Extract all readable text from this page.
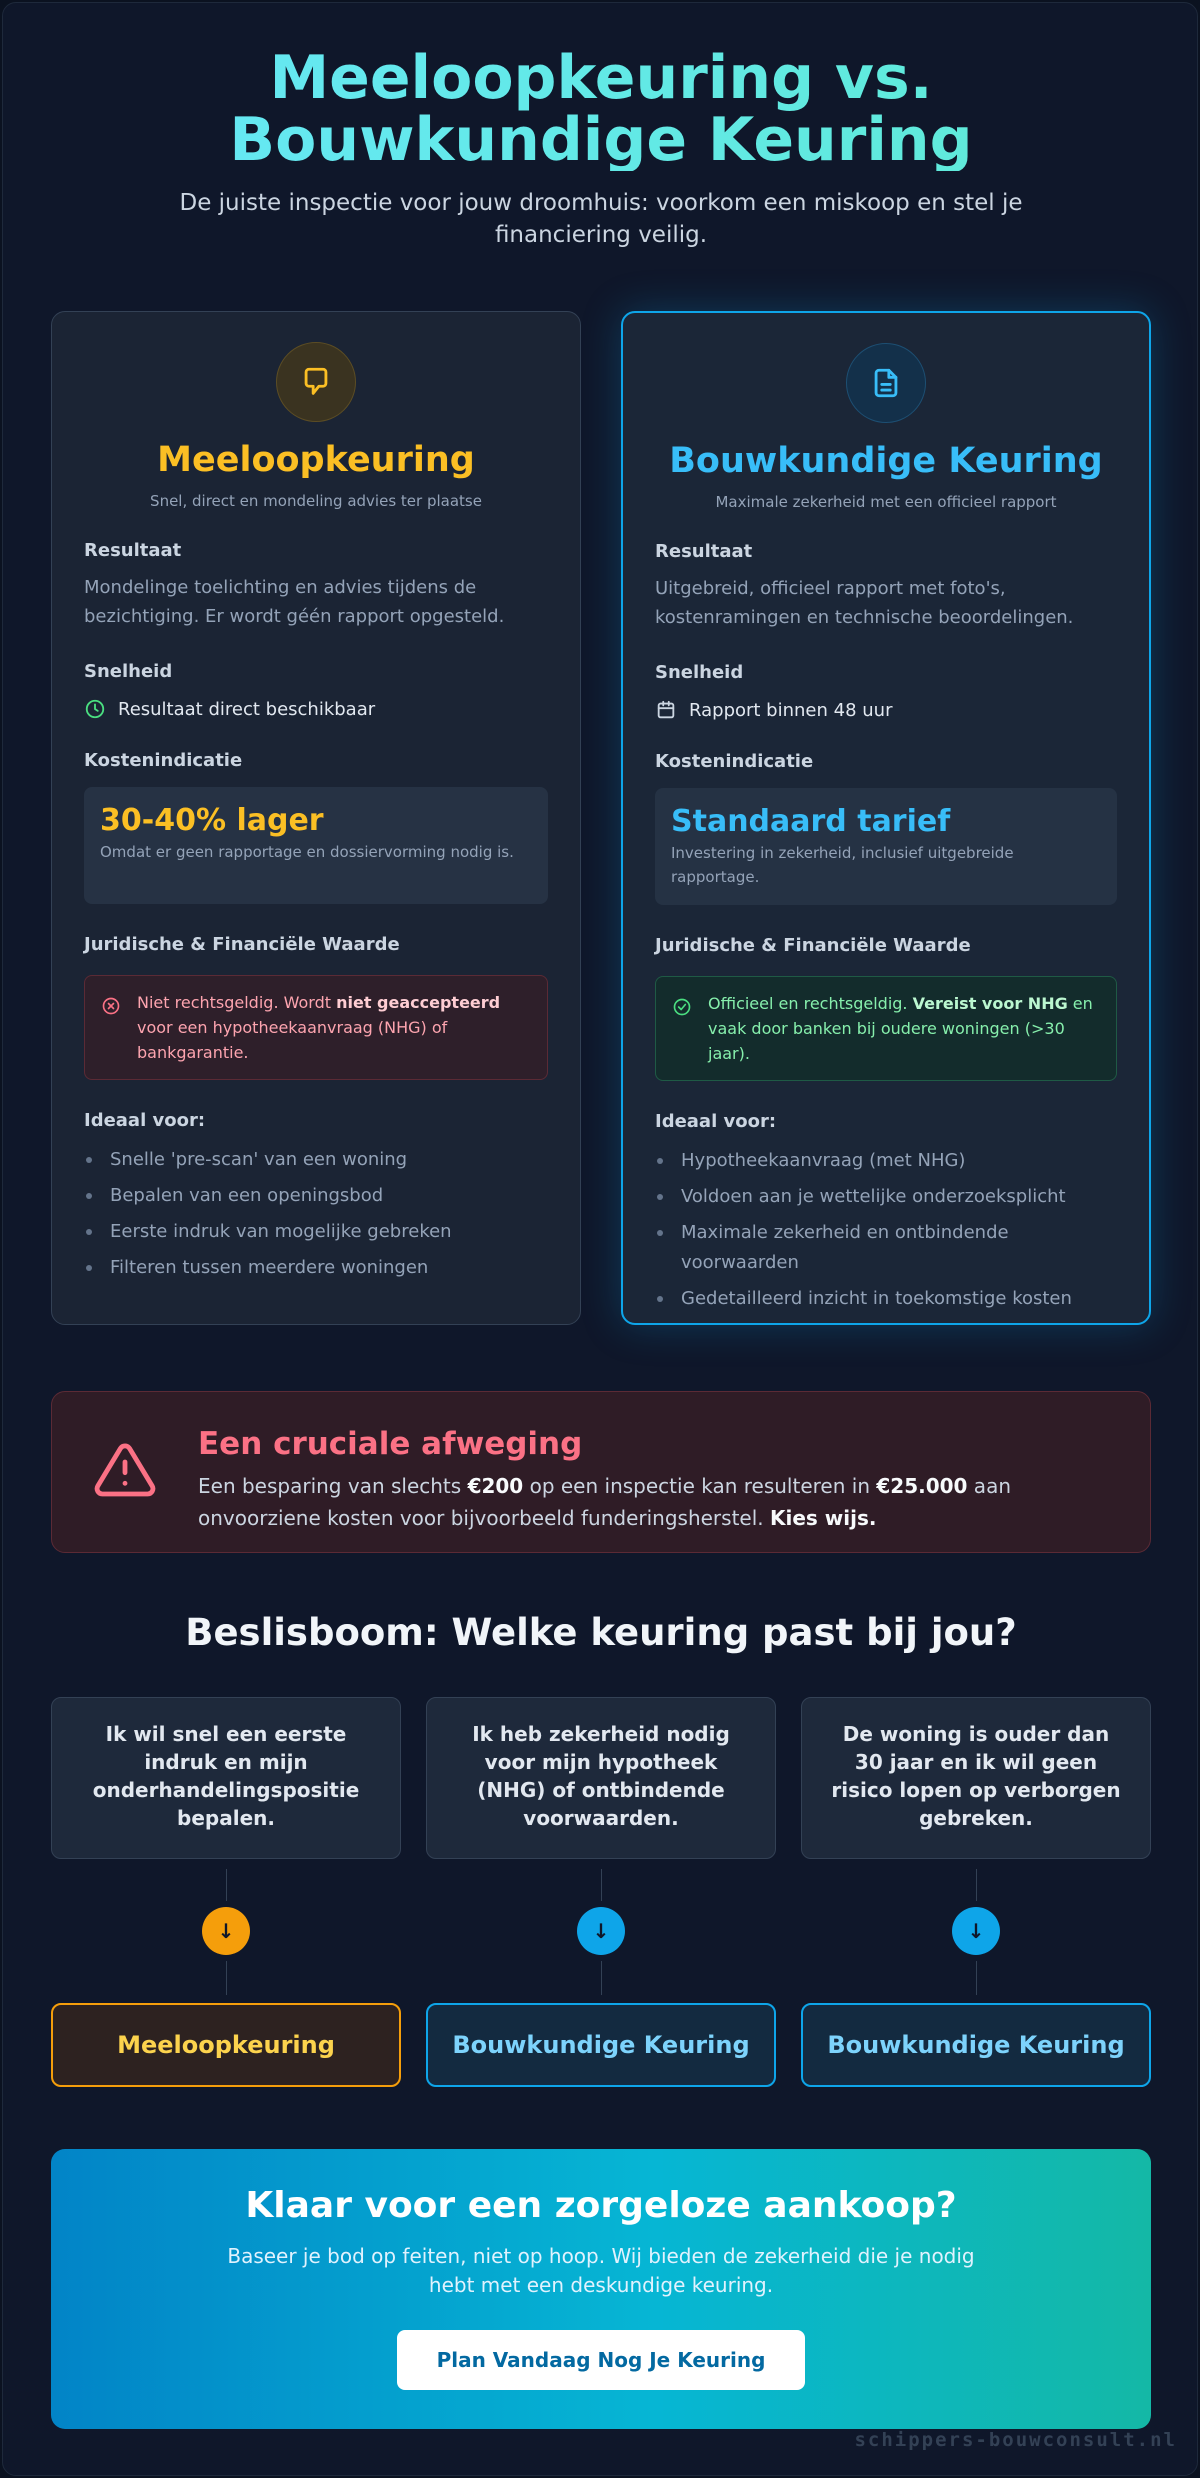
Meeloopkeuring vs.
Bouwkundige Keuring
De juiste inspectie voor jouw droomhuis: voorkom een miskoop en stel je financiering veilig.
Meeloopkeuring
Snel, direct en mondeling advies ter plaatse
Resultaat
Mondelinge toelichting en advies tijdens de bezichtiging. Er wordt géén rapport opgesteld.
Snelheid
Resultaat direct beschikbaar
Kostenindicatie
30-40% lager
Omdat er geen rapportage en dossiervorming nodig is.
Juridische & Financiële Waarde
Niet rechtsgeldig. Wordt niet geaccepteerd voor een hypotheekaanvraag (NHG) of bankgarantie.
Ideaal voor:
Snelle 'pre-scan' van een woning
Bepalen van een openingsbod
Eerste indruk van mogelijke gebreken
Filteren tussen meerdere woningen
Bouwkundige Keuring
Maximale zekerheid met een officieel rapport
Resultaat
Uitgebreid, officieel rapport met foto's, kostenramingen en technische beoordelingen.
Snelheid
Rapport binnen 48 uur
Kostenindicatie
Standaard tarief
Investering in zekerheid, inclusief uitgebreide rapportage.
Juridische & Financiële Waarde
Officieel en rechtsgeldig. Vereist voor NHG en vaak door banken bij oudere woningen (>30 jaar).
Ideaal voor:
Hypotheekaanvraag (met NHG)
Voldoen aan je wettelijke onderzoeksplicht
Maximale zekerheid en ontbindende voorwaarden
Gedetailleerd inzicht in toekomstige kosten
Een cruciale afweging
Een besparing van slechts €200 op een inspectie kan resulteren in €25.000 aan onvoorziene kosten voor bijvoorbeeld funderingsherstel. Kies wijs.
Beslisboom: Welke keuring past bij jou?
Ik wil snel een eerste indruk en mijn onderhandelingspositie bepalen.
Ik heb zekerheid nodig voor mijn hypotheek (NHG) of ontbindende voorwaarden.
De woning is ouder dan 30 jaar en ik wil geen risico lopen op verborgen gebreken.
↓	↓	↓
Meeloopkeuring	Bouwkundige Keuring	Bouwkundige Keuring
Klaar voor een zorgeloze aankoop?
Baseer je bod op feiten, niet op hoop. Wij bieden de zekerheid die je nodig hebt met een deskundige keuring.
Plan Vandaag Nog Je Keuring
schippers-bouwconsult.nl
